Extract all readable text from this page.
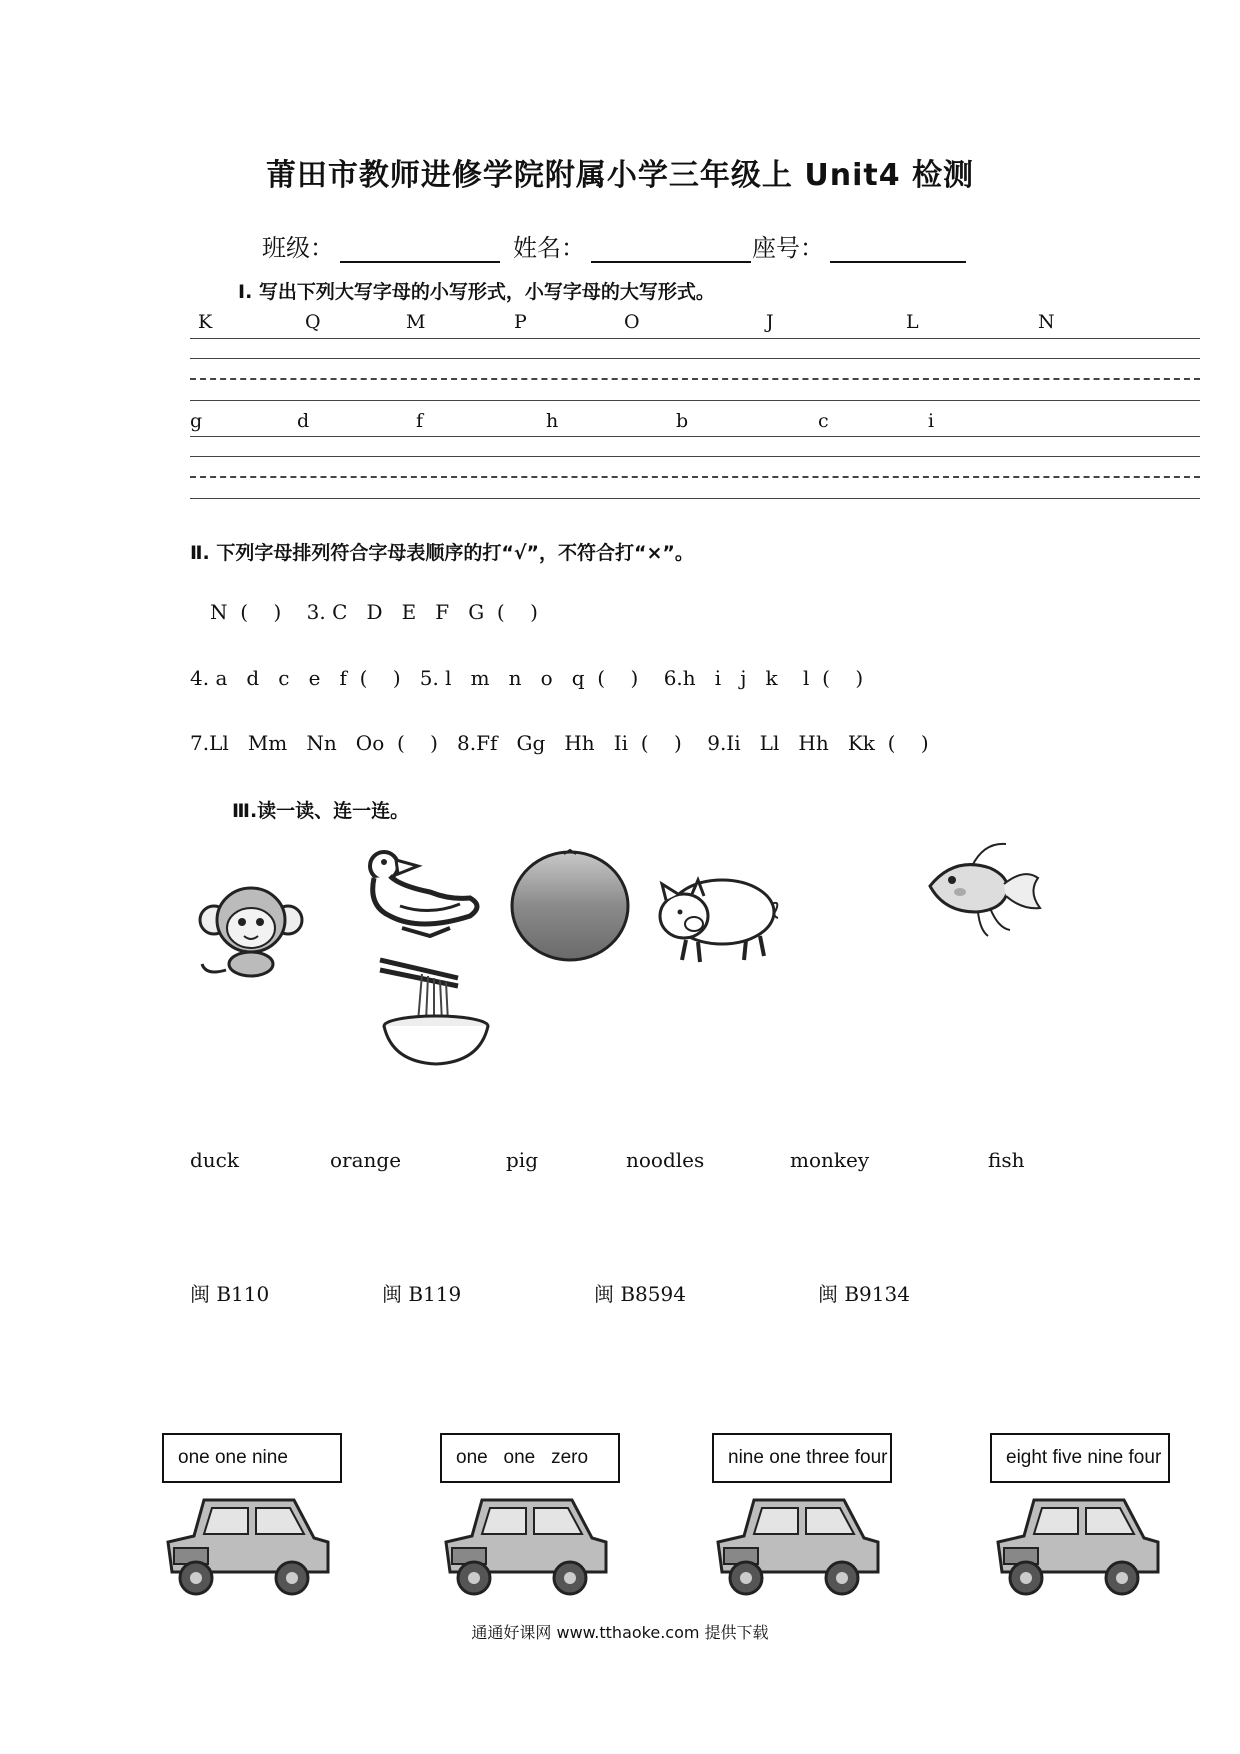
莆田市教师进修学院附属小学三年级上 Unit4 检测
班级：	姓名：	座号：
Ⅰ. 写出下列大写字母的小写形式，小写字母的大写形式。
K	Q	M	P	O	J	L	N
g	d	f	h	b	c	i
Ⅱ. 下列字母排列符合字母表顺序的打“√”，不符合打“×”。
N  (    )    3. C   D   E   F   G  (    )
4. a   d   c   e   f  (    )   5. l   m   n   o   q  (    )    6.h   i   j   k    l  (    )
7.Ll   Mm   Nn   Oo  (    )   8.Ff   Gg   Hh   Ii  (    )    9.Ii   Ll   Hh   Kk  (    )
Ⅲ.读一读、连一连。
duck	orange	pig	noodles	monkey	fish
闽 B110	闽 B119	闽 B8594	闽 B9134
one one nine	one   one   zero	nine one three four	eight five nine four
通通好课网 www.tthaoke.com 提供下载
